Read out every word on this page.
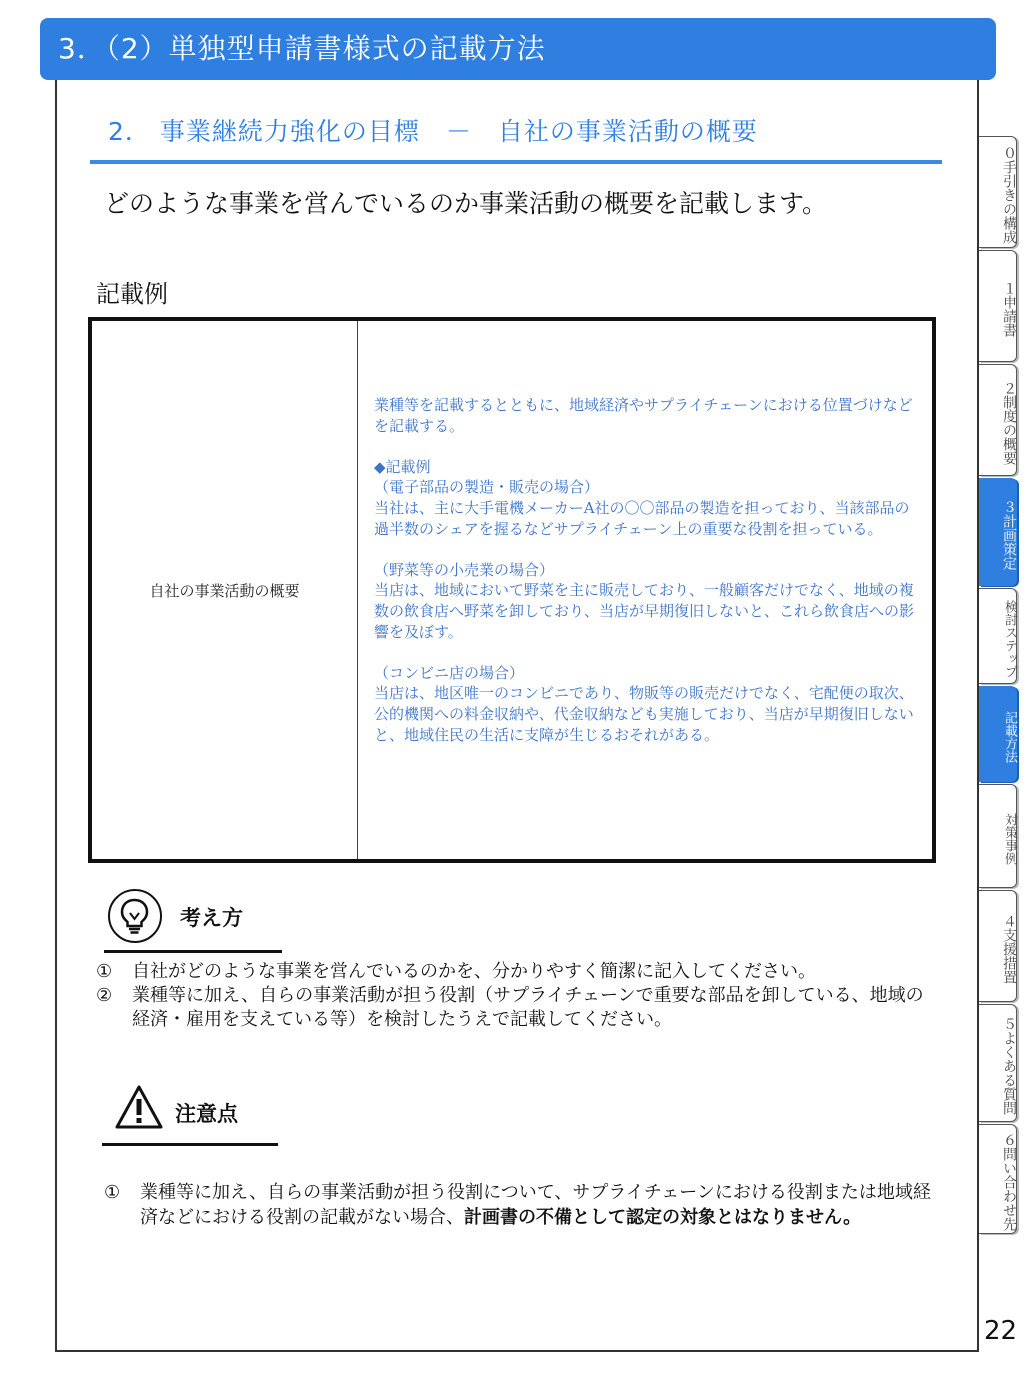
3．（2）単独型申請書様式の記載方法
2． 事業継続力強化の目標　－　自社の事業活動の概要
どのような事業を営んでいるのか事業活動の概要を記載します。
記載例
自社の事業活動の概要

業種等を記載するとともに、地域経済やサプライチェーンにおける位置づけなどを記載する。

◆記載例

（電子部品の製造・販売の場合）

当社は、主に大手電機メーカーA社の〇〇部品の製造を担っており、当該部品の過半数のシェアを握るなどサプライチェーン上の重要な役割を担っている。

（野菜等の小売業の場合）

当店は、地域において野菜を主に販売しており、一般顧客だけでなく、地域の複数の飲食店へ野菜を卸しており、当店が早期復旧しないと、これら飲食店への影響を及ぼす。

（コンビニ店の場合）

当店は、地区唯一のコンビニであり、物販等の販売だけでなく、宅配便の取次、公的機関への料金収納や、代金収納なども実施しており、当店が早期復旧しないと、地域住民の生活に支障が生じるおそれがある。

考え方
①	自社がどのような事業を営んでいるのかを、分かりやすく簡潔に記入してください。
②	業種等に加え、自らの事業活動が担う役割（サプライチェーンで重要な部品を卸している、地域の経済・雇用を支えている等）を検討したうえで記載してください。
注意点
①	業種等に加え、自らの事業活動が担う役割について、サプライチェーンにおける役割または地域経済などにおける役割の記載がない場合、計画書の不備として認定の対象とはなりません。
０手引きの構成
１申請書
２制度の概要
３計画策定
検討ステップ
記載方法
対策事例
４支援措置
５よくある質問
６問い合わせ先
22
